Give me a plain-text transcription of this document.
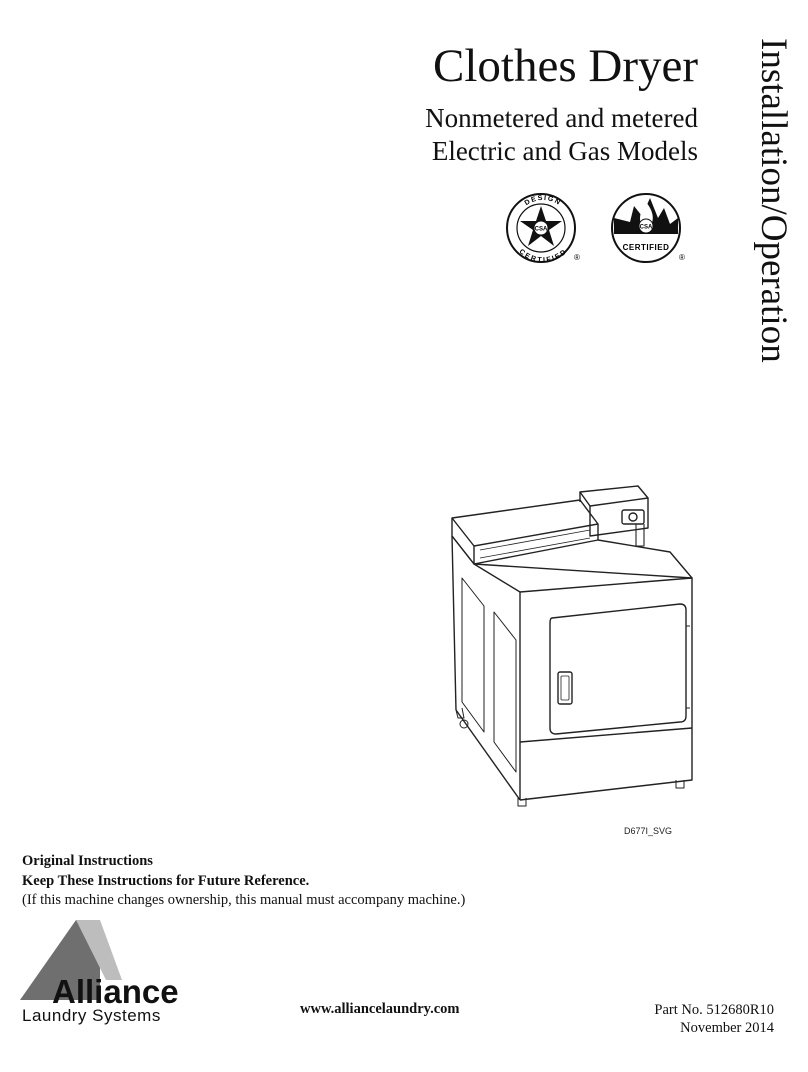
Clothes Dryer
Nonmetered and metered
Electric and Gas Models Installation/Operation
DESIGN
CERTIFIED
CSA
®
CSA
CERTIFIED
®
D677I_SVG
Original Instructions
Keep These Instructions for Future Reference.
(If this machine changes ownership, this manual must accompany machine.)
Alliance
Laundry Systems	www.alliancelaundry.com	Part No. 512680R10
November 2014
